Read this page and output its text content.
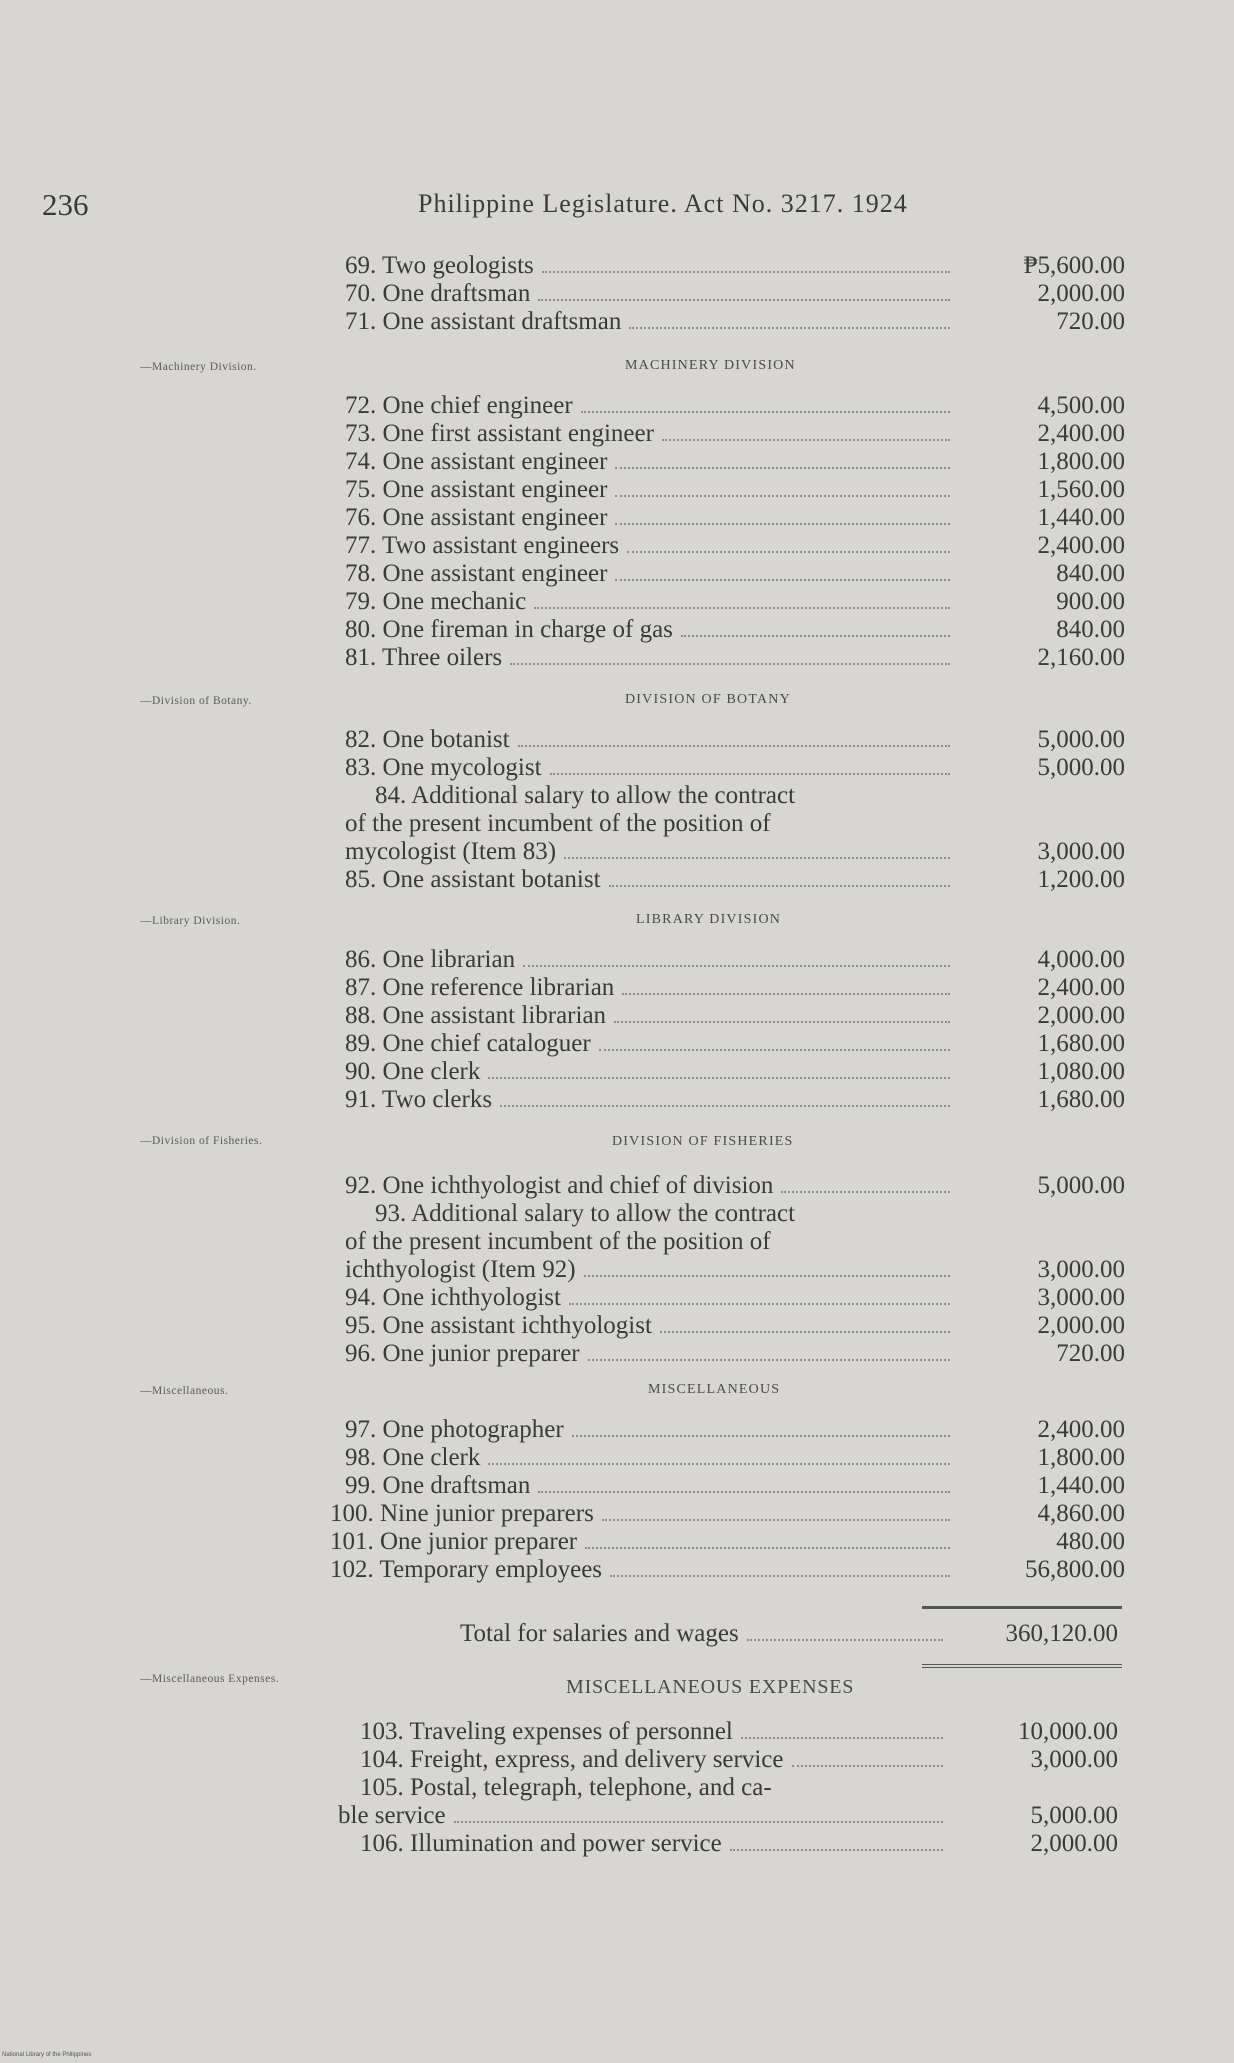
236	Philippine Legislature. Act No. 3217. 1924
69. Two geologists	₱5,600.00
70. One draftsman	2,000.00
71. One assistant draftsman	720.00
—Machinery Division.	MACHINERY DIVISION
72. One chief engineer	4,500.00
73. One first assistant engineer	2,400.00
74. One assistant engineer	1,800.00
75. One assistant engineer	1,560.00
76. One assistant engineer	1,440.00
77. Two assistant engineers	2,400.00
78. One assistant engineer	840.00
79. One mechanic	900.00
80. One fireman in charge of gas	840.00
81. Three oilers	2,160.00
—Division of Botany.	DIVISION OF BOTANY
82. One botanist	5,000.00
83. One mycologist	5,000.00
84. Additional salary to allow the contract
of the present incumbent of the position of
mycologist (Item 83)	3,000.00
85. One assistant botanist	1,200.00
—Library Division.	LIBRARY DIVISION
86. One librarian	4,000.00
87. One reference librarian	2,400.00
88. One assistant librarian	2,000.00
89. One chief cataloguer	1,680.00
90. One clerk	1,080.00
91. Two clerks	1,680.00
—Division of Fisheries.	DIVISION OF FISHERIES
92. One ichthyologist and chief of division	5,000.00
93. Additional salary to allow the contract
of the present incumbent of the position of
ichthyologist (Item 92)	3,000.00
94. One ichthyologist	3,000.00
95. One assistant ichthyologist	2,000.00
96. One junior preparer	720.00
—Miscellaneous.	MISCELLANEOUS
97. One photographer	2,400.00
98. One clerk	1,800.00
99. One draftsman	1,440.00
100. Nine junior preparers	4,860.00
101. One junior preparer	480.00
102. Temporary employees	56,800.00
Total for salaries and wages	360,120.00
—Miscellaneous Expenses.	MISCELLANEOUS EXPENSES
103. Traveling expenses of personnel	10,000.00
104. Freight, express, and delivery service	3,000.00
105. Postal, telegraph, telephone, and ca-
ble service	5,000.00
106. Illumination and power service	2,000.00
National Library of the Philippines
